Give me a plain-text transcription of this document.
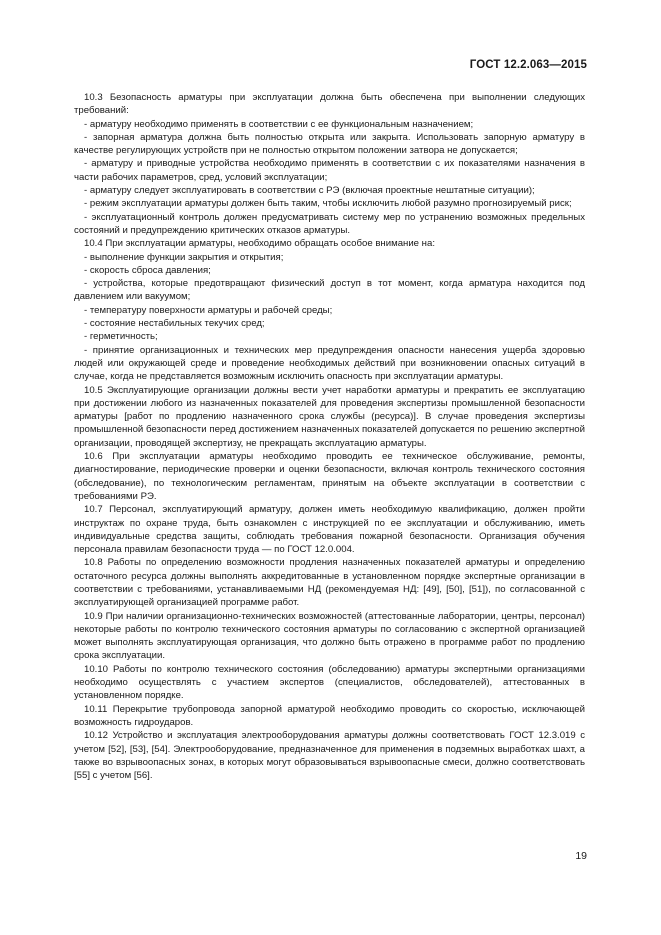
ГОСТ 12.2.063—2015

10.3 Безопасность арматуры при эксплуатации должна быть обеспечена при выполнении следующих требований:

- арматуру необходимо применять в соответствии с ее функциональным назначением;

- запорная арматура должна быть полностью открыта или закрыта. Использовать запорную арматуру в качестве регулирующих устройств при не полностью открытом положении затвора не допускается;

- арматуру и приводные устройства необходимо применять в соответствии с их показателями назначения в части рабочих параметров, сред, условий эксплуатации;

- арматуру следует эксплуатировать в соответствии с РЭ (включая проектные нештатные ситуации);

- режим эксплуатации арматуры должен быть таким, чтобы исключить любой разумно прогнозируемый риск;

- эксплуатационный контроль должен предусматривать систему мер по устранению возможных предельных состояний и предупреждению критических отказов арматуры.

10.4 При эксплуатации арматуры, необходимо обращать особое внимание на:

- выполнение функции закрытия и открытия;

- скорость сброса давления;

- устройства, которые предотвращают физический доступ в тот момент, когда арматура находится под давлением или вакуумом;

- температуру поверхности арматуры и рабочей среды;

- состояние нестабильных текучих сред;

- герметичность;

- принятие организационных и технических мер предупреждения опасности нанесения ущерба здоровью людей или окружающей среде и проведение необходимых действий при возникновении опасных ситуаций в случае, когда не представляется возможным исключить опасность при эксплуатации арматуры.

10.5 Эксплуатирующие организации должны вести учет наработки арматуры и прекратить ее эксплуатацию при достижении любого из назначенных показателей для проведения экспертизы промышленной безопасности арматуры [работ по продлению назначенного срока службы (ресурса)]. В случае проведения экспертизы промышленной безопасности перед достижением назначенных показателей допускается по решению экспертной организации, проводящей экспертизу, не прекращать эксплуатацию арматуры.

10.6 При эксплуатации арматуры необходимо проводить ее техническое обслуживание, ремонты, диагностирование, периодические проверки и оценки безопасности, включая контроль технического состояния (обследование), по технологическим регламентам, принятым на объекте эксплуатации в соответствии с требованиями РЭ.

10.7 Персонал, эксплуатирующий арматуру, должен иметь необходимую квалификацию, должен пройти инструктаж по охране труда, быть ознакомлен с инструкцией по ее эксплуатации и обслуживанию, иметь индивидуальные средства защиты, соблюдать требования пожарной безопасности. Организация обучения персонала правилам безопасности труда — по ГОСТ 12.0.004.

10.8 Работы по определению возможности продления назначенных показателей арматуры и определению остаточного ресурса должны выполнять аккредитованные в установленном порядке экспертные организации в соответствии с требованиями, устанавливаемыми НД (рекомендуемая НД: [49], [50], [51]), по согласованной с эксплуатирующей организацией программе работ.

10.9 При наличии организационно-технических возможностей (аттестованные лаборатории, центры, персонал) некоторые работы по контролю технического состояния арматуры по согласованию с экспертной организацией может выполнять эксплуатирующая организация, что должно быть отражено в программе работ по продлению срока эксплуатации.

10.10 Работы по контролю технического состояния (обследованию) арматуры экспертными организациями необходимо осуществлять с участием экспертов (специалистов, обследователей), аттестованных в установленном порядке.

10.11 Перекрытие трубопровода запорной арматурой необходимо проводить со скоростью, исключающей возможность гидроударов.

10.12 Устройство и эксплуатация электрооборудования арматуры должны соответствовать ГОСТ 12.3.019 с учетом [52], [53], [54]. Электрооборудование, предназначенное для применения в подземных выработках шахт, а также во взрывоопасных зонах, в которых могут образовываться взрывоопасные смеси, должно соответствовать [55] с учетом [56].

19
